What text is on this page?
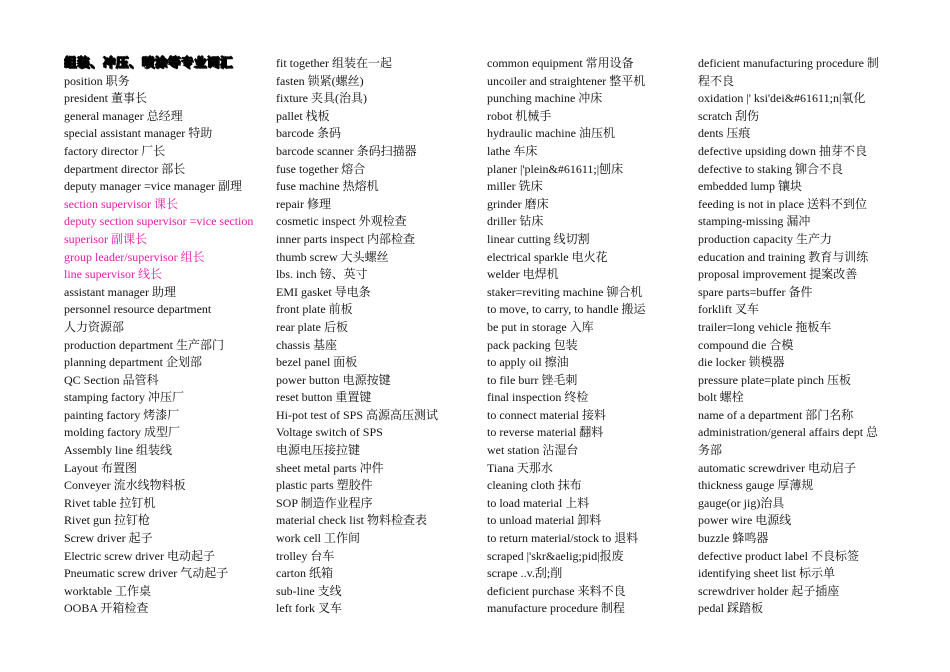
组装、冲压、喷涂等专业词汇
position 职务
president 董事长
general manager 总经理
special assistant manager 特助
factory director 厂长
department director 部长
deputy manager =vice manager 副理
section supervisor 课长
deputy section supervisor =vice section
superisor 副课长
group leader/supervisor 组长
line supervisor 线长
assistant manager 助理
personnel resource department
人力资源部
production department 生产部门
planning department 企划部
QC Section 品管科
stamping factory 冲压厂
painting factory 烤漆厂
molding factory 成型厂
Assembly line 组装线
Layout 布置图
Conveyer 流水线物料板
Rivet table 拉钉机
Rivet gun 拉钉枪
Screw driver 起子
Electric screw driver 电动起子
Pneumatic screw driver 气动起子
worktable 工作桌
OOBA 开箱检查
fit together 组装在一起
fasten 锁紧(螺丝)
fixture 夹具(治具)
pallet 栈板
barcode 条码
barcode scanner 条码扫描器
fuse together 熔合
fuse machine 热熔机
repair 修理
cosmetic inspect 外观检查
inner parts inspect 内部检查
thumb screw 大头螺丝
lbs. inch 镑、英寸
EMI gasket 导电条
front plate 前板
rear plate 后板
chassis 基座
bezel panel 面板
power button 电源按键
reset button 重置键
Hi-pot test of SPS 高源高压测试
Voltage switch of SPS
电源电压接拉键
sheet metal parts 冲件
plastic parts 塑胶件
SOP 制造作业程序
material check list 物料检查表
work cell 工作间
trolley 台车
carton 纸箱
sub-line 支线
left fork 叉车
common equipment 常用设备
uncoiler and straightener 整平机
punching machine 冲床
robot 机械手
hydraulic machine 油压机
lathe 车床
planer |'plein&#61611;|刨床
miller 铣床
grinder 磨床
driller 钻床
linear cutting 线切割
electrical sparkle 电火花
welder 电焊机
staker=reviting machine 铆合机
to move, to carry, to handle 搬运
be put in storage 入库
pack packing 包装
to apply oil 擦油
to file burr 锉毛刺
final inspection 终检
to connect material 接料
to reverse material 翻料
wet station 沾湿台
Tiana 天那水
cleaning cloth 抹布
to load material 上料
to unload material 卸料
to return material/stock to 退料
scraped |'skr&aelig;pid|报废
scrape ..v.刮;削
deficient purchase 来料不良
manufacture procedure 制程
deficient manufacturing procedure 制
程不良
oxidation |' ksi'dei&#61611;n|氧化
scratch 刮伤
dents 压痕
defective upsiding down 抽芽不良
defective to staking 铆合不良
embedded lump 镶块
feeding is not in place 送料不到位
stamping-missing 漏冲
production capacity 生产力
education and training 教育与训练
proposal improvement 提案改善
spare parts=buffer 备件
forklift 叉车
trailer=long vehicle 拖板车
compound die 合模
die locker 锁模器
pressure plate=plate pinch 压板
bolt 螺栓
name of a department 部门名称
administration/general affairs dept 总
务部
automatic screwdriver 电动启子
thickness gauge 厚薄规
gauge(or jig)治具
power wire 电源线
buzzle 蜂鸣器
defective product label 不良标签
identifying sheet list 标示单
screwdriver holder 起子插座
pedal 踩踏板
